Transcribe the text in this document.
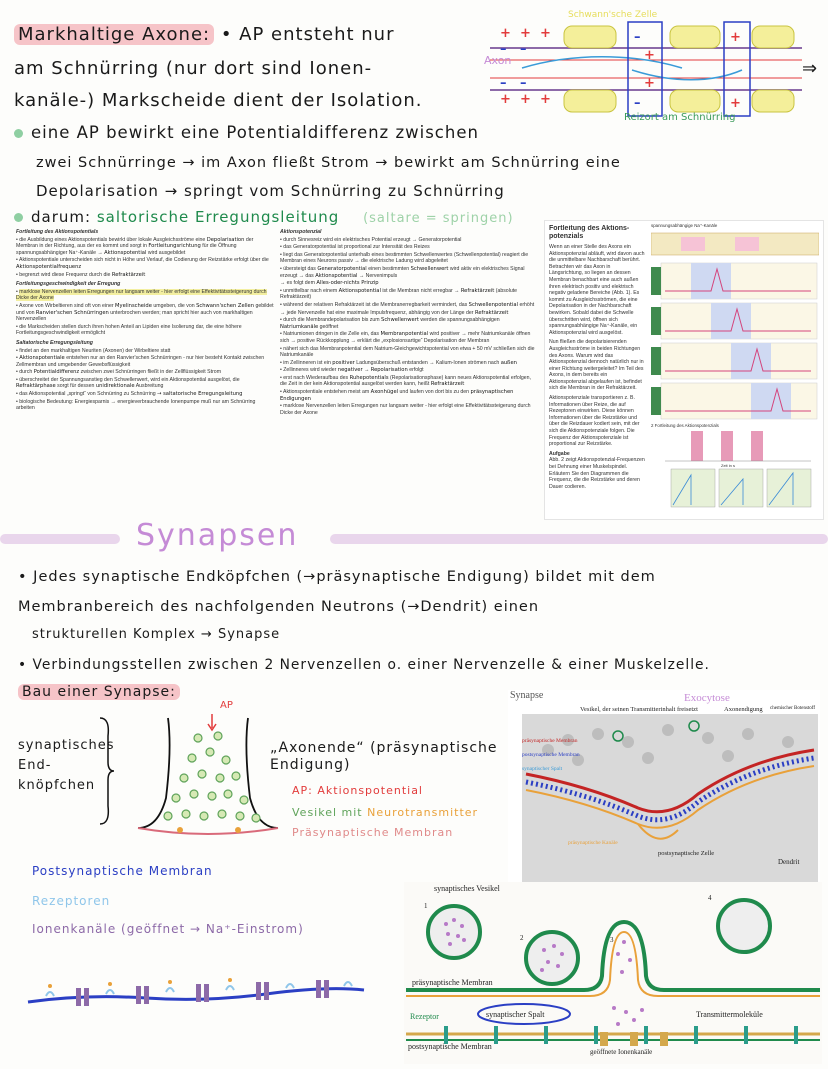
Markhaltige Axone: • AP entsteht nur
am Schnürring (nur dort sind Ionen-
kanäle-) Markscheide dient der Isolation.
eine AP bewirkt eine Potentialdifferenz zwischen
zwei Schnürringe → im Axon fließt Strom → bewirkt am Schnürring eine
Depolarisation → springt vom Schnürring zu Schnürring
darum: saltorische Erregungsleitung (saltare = springen)
+ + +
– –
– –
+ + +
–
+
+
–
+
+
Axon
Schwann'sche Zelle
Reizort am Schnürring
⇒

Fortleitung des Aktionspotentials

• die Ausbildung eines Aktionspotentials bewirkt über lokale Ausgleichsströme eine Depolarisation der Membran in der Richtung, aus der es kommt und sorgt in Fortleitungsrichtung für die Öffnung spannungsabhängiger Na⁺-Kanäle → Aktionspotential wird ausgebildet

• Aktionspotentiale unterscheiden sich nicht in Höhe und Verlauf, die Codierung der Reizstärke erfolgt über die Aktionspotentialfrequenz

• begrenzt wird diese Frequenz durch die Refraktärzeit

Fortleitungsgeschwindigkeit der Erregung

• marklose Nervenzellen leiten Erregungen nur langsam weiter - hier erfolgt eine Effektivitätssteigerung durch Dicke der Axone

• Axone von Wirbeltieren sind oft von einer Myelinscheide umgeben, die von Schwann'schen Zellen gebildet und von Ranvier'schen Schnürringen unterbrochen werden; man spricht hier auch von markhaltigen Nervenzellen

• die Markscheiden stellen durch ihren hohen Anteil an Lipiden eine Isolierung dar, die eine höhere Fortleitungsgeschwindigkeit ermöglicht

Saltatorische Erregungsleitung

• findet an den markhaltigen Neuriten (Axonen) der Wirbeltiere statt

• Aktionspotentiale entstehen nur an den Ranvier'schen Schnürringen - nur hier besteht Kontakt zwischen Zellmembran und umgebender Gewebsflüssigkeit

• durch Potentialdifferenz zwischen zwei Schnürringen fließt in der Zellflüssigkeit Strom

• überschreitet der Spannungsanstieg den Schwellenwert, wird ein Aktionspotential ausgelöst, die Refraktärphase sorgt für dessen unidirektionale Ausbreitung

• das Aktionspotential „springt“ von Schnürring zu Schnürring → saltatorische Erregungsleitung

• biologische Bedeutung: Energiesparnis → energieverbrauchende Ionenpumpe muß nur am Schnürring arbeiten

Aktionspotenzial

• durch Sinnesreiz wird ein elektrisches Potential erzeugt → Generatorpotential

• das Generatorpotential ist proportional zur Intensität des Reizes

• liegt das Generatorpotential unterhalb eines bestimmten Schwellenwertes (Schwellenpotential) reagiert die Membran eines Neurons passiv → die elektrische Ladung wird abgeleitet

• übersteigt das Generatorpotential einen bestimmten Schwellenwert wird aktiv ein elektrisches Signal erzeugt → das Aktionspotential → Nervenimpuls

→ es folgt dem Alles-oder-nichts Prinzip

• unmittelbar nach einem Aktionspotential ist die Membran nicht erregbar → Refraktärzeit (absolute Refraktärzeit)

• während der relativen Refraktärzeit ist die Membranerregbarkeit vermindert, das Schwellenpotential erhöht

→ jede Nervenzelle hat eine maximale Impulsfrequenz, abhängig von der Länge der Refraktärzeit

• durch die Membrandepolarisation bis zum Schwellenwert werden die spannungsabhängigen Natriumkanäle geöffnet

• Natriumionen dringen in die Zelle ein, das Membranpotential wird positiver → mehr Natriumkanäle öffnen sich → positive Rückkopplung → erklärt die „explosionsartige“ Depolarisation der Membran

• nähert sich das Membranpotential dem Natrium-Gleichgewichtspotential von etwa + 50 mV schließen sich die Natriumkanäle

• im Zellinneren ist ein positiver Ladungsüberschuß entstanden → Kalium-Ionen strömen nach außen

• Zellinneres wird wieder negativer → Repolarisation erfolgt

• erst nach Wiederaufbau des Ruhepotentials (Repolarisationsphase) kann neues Aktionspotential erfolgen, die Zeit in der kein Aktionspotential ausgelöst werden kann, heißt Refraktärzeit

• Aktionspotentiale entstehen meist am Axonhügel und laufen von dort bis zu den präsynaptischen Endigungen

• marklose Nervenzellen leiten Erregungen nur langsam weiter - hier erfolgt eine Effektivitätssteigerung durch Dicke der Axone

Fortleitung des Aktions-potenzials

Wenn an einer Stelle des Axons ein Aktionspotenzial abläuft, wird davon auch die unmittelbare Nachbarschaft berührt. Betrachten wir das Axon in Längsrichtung, so liegen an dessen Membran benachbart eine auch außen ihren elektrisch positiv und elektrisch negativ geladene Bereiche (Abb. 1). Es kommt zu Ausgleichsströmen, die eine Depolarisation in der Nachbarschaft bewirken. Sobald dabei die Schwelle überschritten wird, öffnen sich spannungsabhängige Na⁺-Kanäle, ein Aktionspotenzial wird ausgelöst.

Nun fließen die depolarisierenden Ausgleichsströme in beiden Richtungen des Axons. Warum wird das Aktionspotenzial dennoch natürlich nur in einer Richtung weitergeleitet? Im Teil des Axons, in dem bereits ein Aktionspotenzial abgelaufen ist, befindet sich die Membran in der Refraktärzeit.

Aktionspotenziale transportieren z. B. Informationen über Reize, die auf Rezeptoren einwirken. Diese können Informationen über die Reizstärke und über die Reizdauer kodiert sein, mit der sich die Aktionspotenziale folgen. Die Frequenz der Aktionspotenziale ist proportional zur Reizstärke.

Aufgabe

Abb. 2 zeigt Aktionspotenzial-Frequenzen bei Dehnung einer Muskelspindel. Erläutern Sie den Diagrammen die Frequenz, die die Reizstärke und deren Dauer codieren.

spannungsabhängige Na⁺-Kanäle
2 Fortleitung des Aktionspotenzials
Zeit in s
Synapsen
• Jedes synaptische Endköpfchen (→präsynaptische Endigung) bildet mit dem
Membranbereich des nachfolgenden Neutrons (→Dendrit) einen
strukturellen Komplex → Synapse
• Verbindungsstellen zwischen 2 Nervenzellen o. einer Nervenzelle & einer Muskelzelle.
Bau einer Synapse:
synaptisches End-knöpfchen
AP
„Axonende“ (präsynaptische Endigung)
AP: Aktionspotential
Vesikel mit Neurotransmitter
Präsynaptische Membran
Postsynaptische Membran
Rezeptoren
Ionenkanäle (geöffnet → Na⁺-Einstrom)
Synapse	Exocytose
Vesikel, der seinen Transmitterinhalt freisetzt	Axonendigung
präsynaptische Membran
postsynaptische Membran
synaptischer Spalt
präsynaptische Kanäle
postsynaptische Zelle
Dendrit
chemischer Botenstoff
synaptisches Vesikel
1
2	3
4
präsynaptische Membran
synaptischer Spalt
Rezeptor
postsynaptische Membran
Transmittermoleküle
geöffnete Ionenkanäle
